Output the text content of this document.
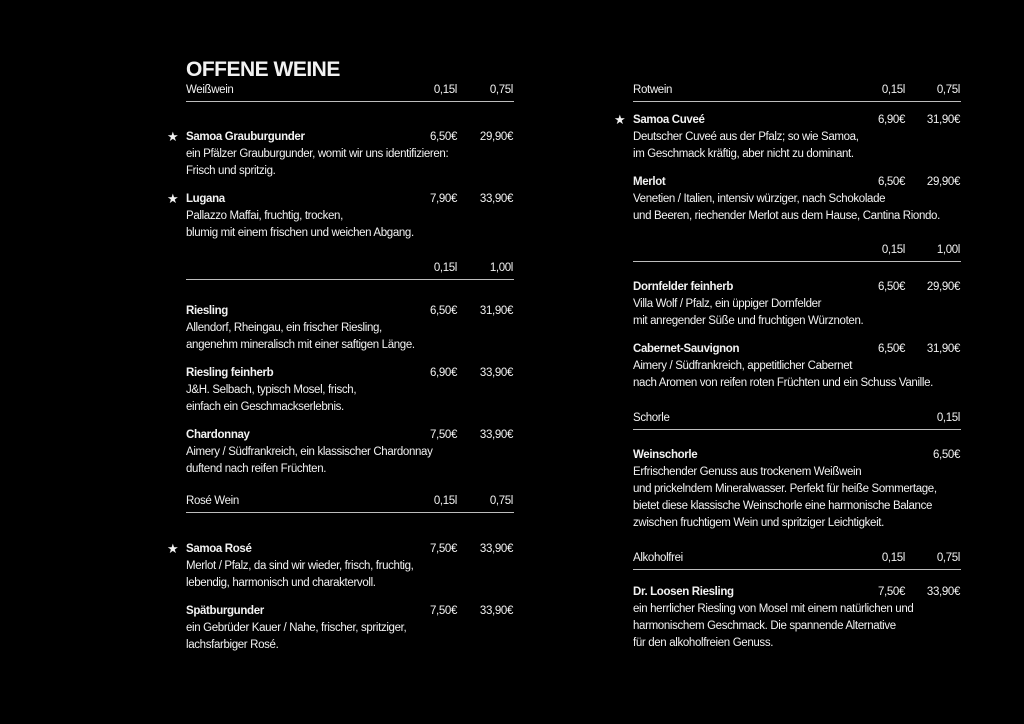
OFFENE WEINE
Weißwein	0,15l	0,75l
★ Samoa Grauburgunder	6,50€	29,90€
ein Pfälzer Grauburgunder, womit wir uns identifizieren:
Frisch und spritzig.
★ Lugana	7,90€	33,90€
Pallazzo Maffai, fruchtig, trocken,
blumig mit einem frischen und weichen Abgang.
0,15l	1,00l
Riesling	6,50€	31,90€
Allendorf, Rheingau, ein frischer Riesling,
angenehm mineralisch mit einer saftigen Länge.
Riesling feinherb	6,90€	33,90€
J&H. Selbach, typisch Mosel, frisch,
einfach ein Geschmackserlebnis.
Chardonnay	7,50€	33,90€
Aimery / Südfrankreich, ein klassischer Chardonnay
duftend nach reifen Früchten.
Rosé Wein	0,15l	0,75l
★ Samoa Rosé	7,50€	33,90€
Merlot / Pfalz, da sind wir wieder, frisch, fruchtig,
lebendig, harmonisch und charaktervoll.
Spätburgunder	7,50€	33,90€
ein Gebrüder Kauer / Nahe, frischer, spritziger,
lachsfarbiger Rosé.
Rotwein	0,15l	0,75l
★ Samoa Cuveé	6,90€	31,90€
Deutscher Cuveé aus der Pfalz; so wie Samoa,
im Geschmack kräftig, aber nicht zu dominant.
Merlot	6,50€	29,90€
Venetien / Italien, intensiv würziger, nach Schokolade
und Beeren, riechender Merlot aus dem Hause, Cantina Riondo.
0,15l	1,00l
Dornfelder feinherb	6,50€	29,90€
Villa Wolf / Pfalz, ein üppiger Dornfelder
mit anregender Süße und fruchtigen Würznoten.
Cabernet-Sauvignon	6,50€	31,90€
Aimery / Südfrankreich, appetitlicher Cabernet
nach Aromen von reifen roten Früchten und ein Schuss Vanille.
Schorle	0,15l
Weinschorle	6,50€
Erfrischender Genuss aus trockenem Weißwein
und prickelndem Mineralwasser. Perfekt für heiße Sommertage,
bietet diese klassische Weinschorle eine harmonische Balance
zwischen fruchtigem Wein und spritziger Leichtigkeit.
Alkoholfrei	0,15l	0,75l
Dr. Loosen Riesling	7,50€	33,90€
ein herrlicher Riesling von Mosel mit einem natürlichen und
harmonischem Geschmack. Die spannende Alternative
für den alkoholfreien Genuss.
